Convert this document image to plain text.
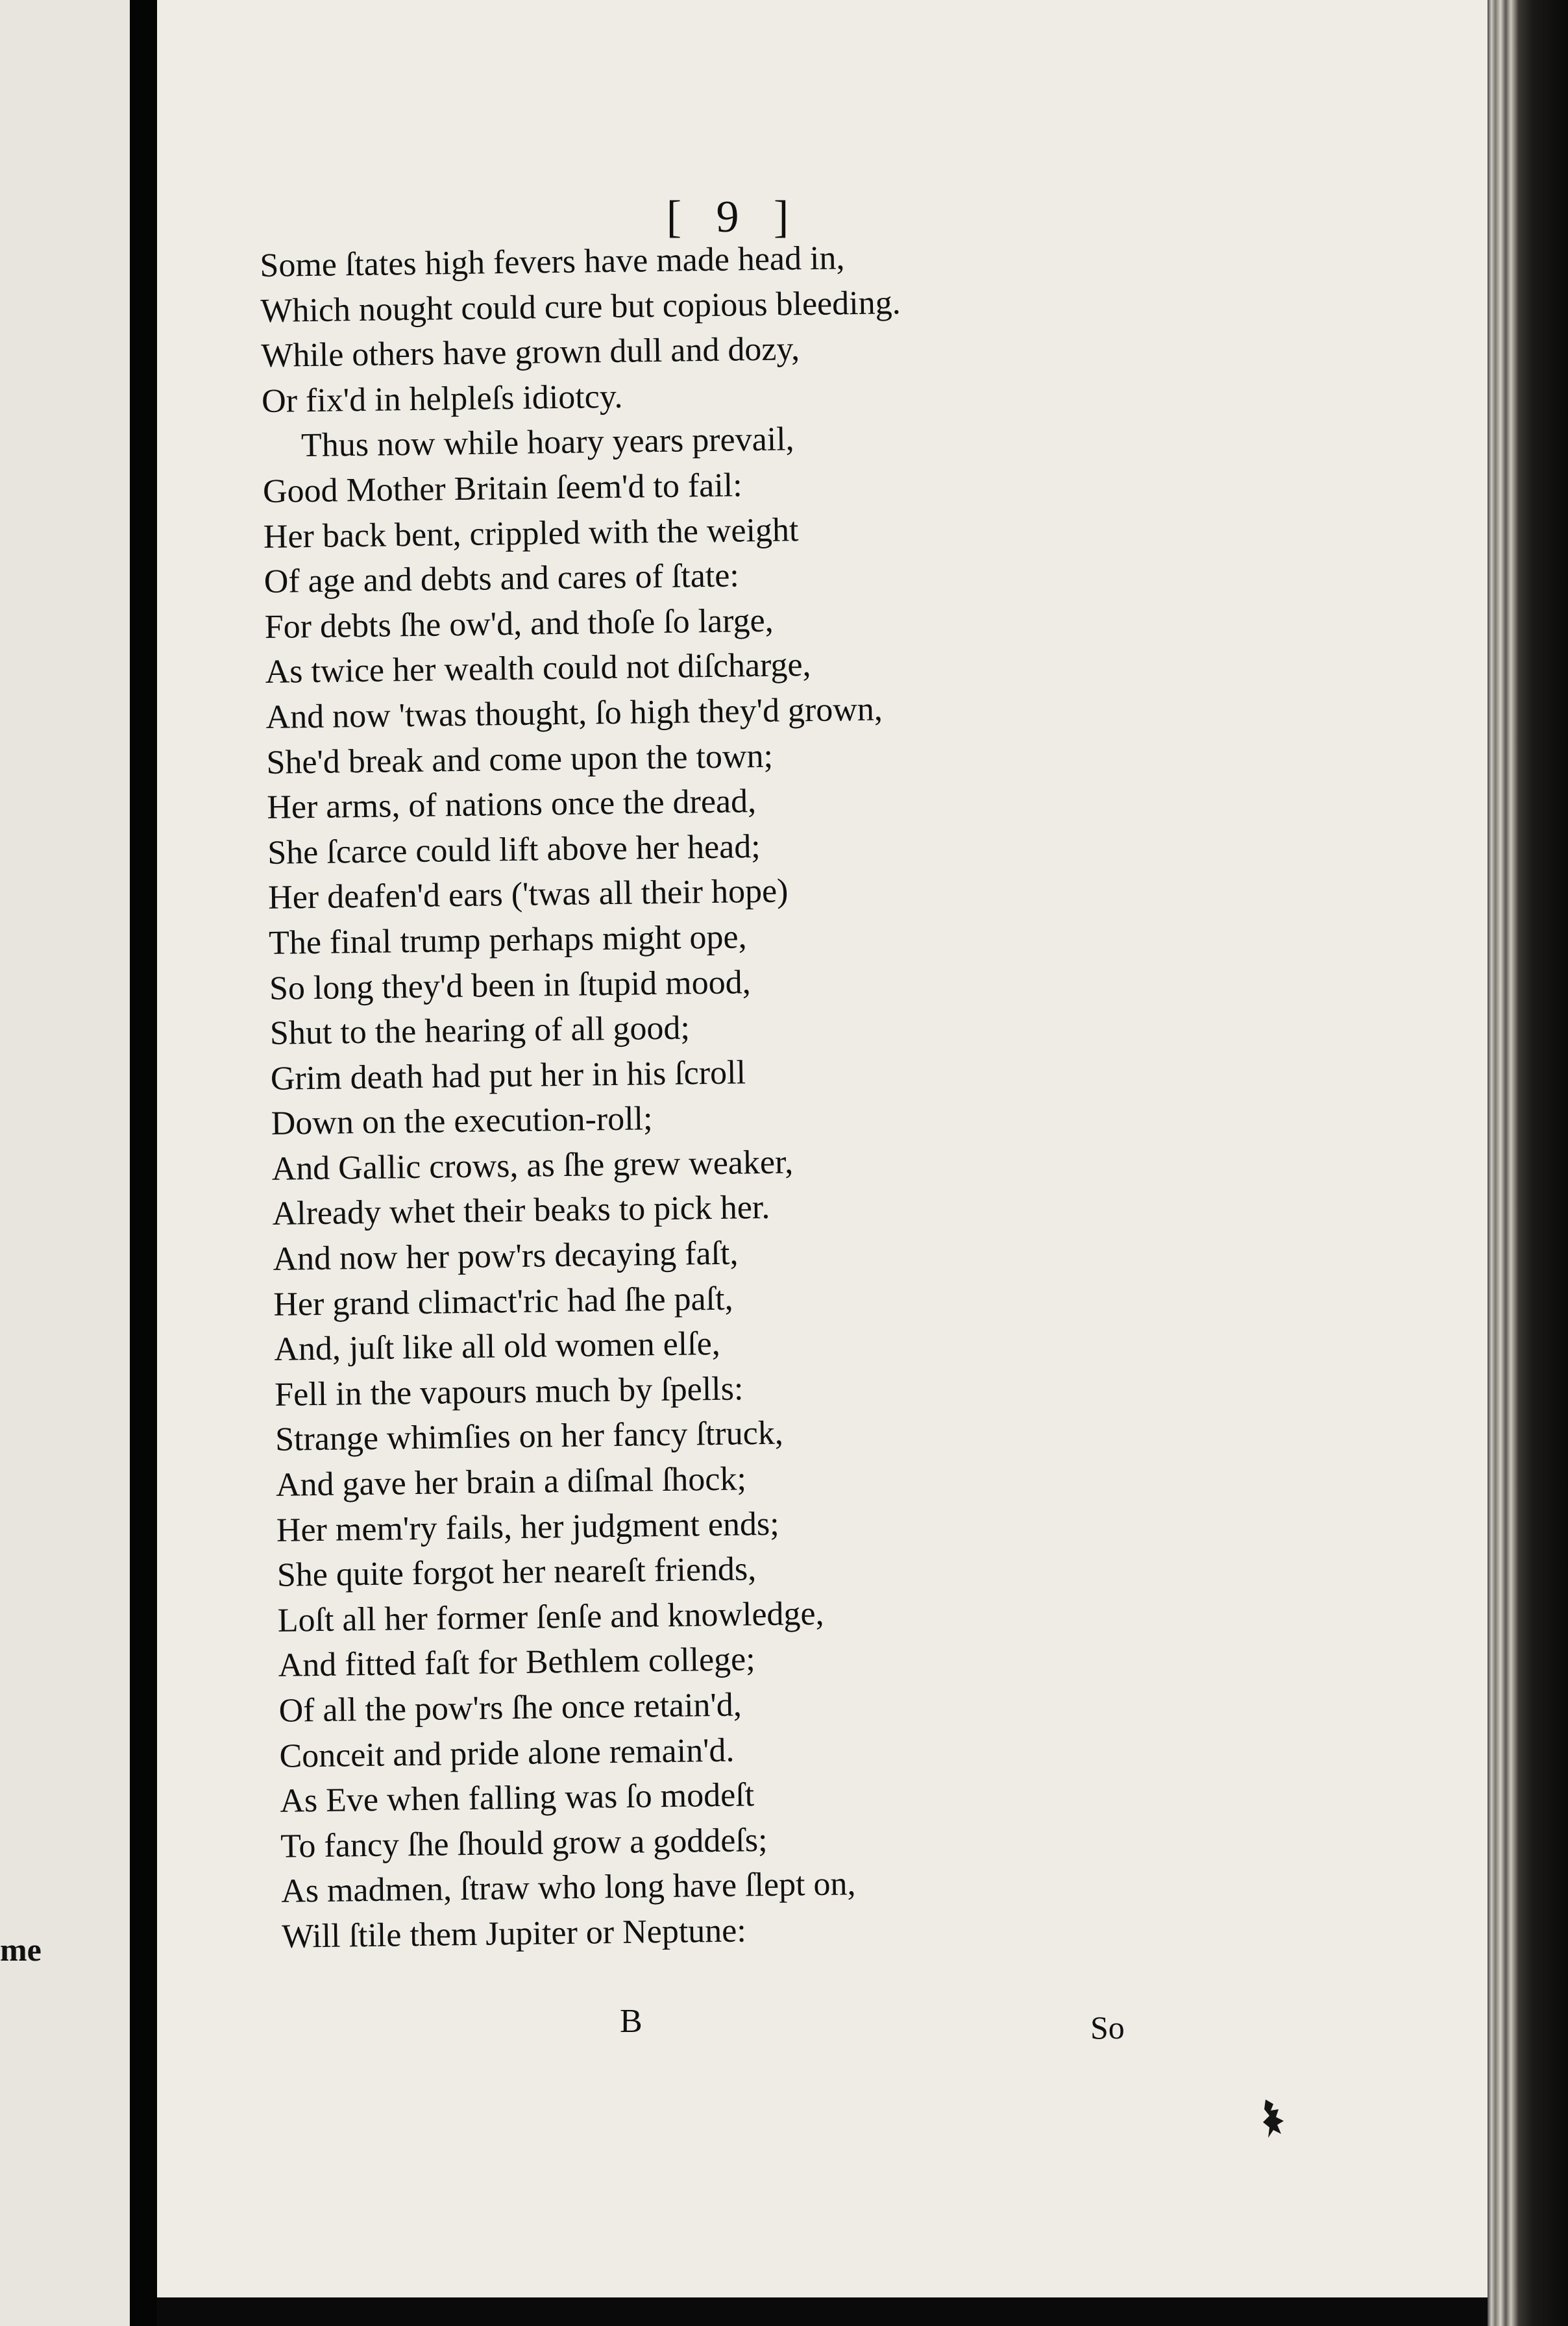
me
[ 9 ]
Some ſtates high fevers have made head in,
Which nought could cure but copious bleeding.
While others have grown dull and dozy,
Or fix'd in helpleſs idiotcy.
Thus now while hoary years prevail,
Good Mother Britain ſeem'd to fail:
Her back bent, crippled with the weight
Of age and debts and cares of ſtate:
For debts ſhe ow'd, and thoſe ſo large,
As twice her wealth could not diſcharge,
And now 'twas thought, ſo high they'd grown,
She'd break and come upon the town;
Her arms, of nations once the dread,
She ſcarce could lift above her head;
Her deafen'd ears ('twas all their hope)
The final trump perhaps might ope,
So long they'd been in ſtupid mood,
Shut to the hearing of all good;
Grim death had put her in his ſcroll
Down on the execution-roll;
And Gallic crows, as ſhe grew weaker,
Already whet their beaks to pick her.
And now her pow'rs decaying faſt,
Her grand climact'ric had ſhe paſt,
And, juſt like all old women elſe,
Fell in the vapours much by ſpells:
Strange whimſies on her fancy ſtruck,
And gave her brain a diſmal ſhock;
Her mem'ry fails, her judgment ends;
She quite forgot her neareſt friends,
Loſt all her former ſenſe and knowledge,
And fitted faſt for Bethlem college;
Of all the pow'rs ſhe once retain'd,
Conceit and pride alone remain'd.
As Eve when falling was ſo modeſt
To fancy ſhe ſhould grow a goddeſs;
As madmen, ſtraw who long have ſlept on,
Will ſtile them Jupiter or Neptune:
B	So
